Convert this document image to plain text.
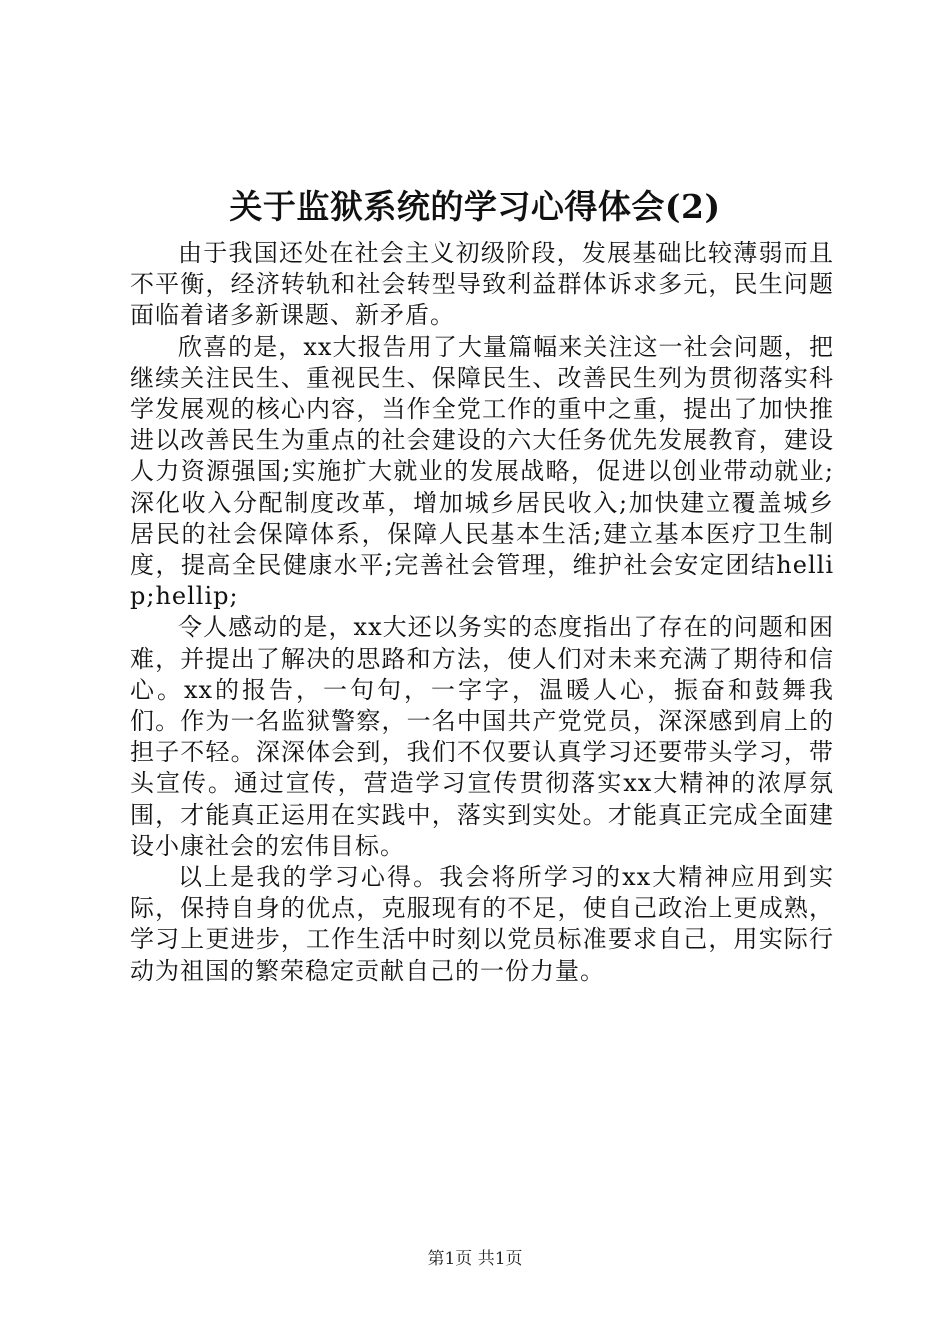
关于监狱系统的学习心得体会(2)

由于我国还处在社会主义初级阶段，发展基础比较薄弱而且不平衡，经济转轨和社会转型导致利益群体诉求多元，民生问题面临着诸多新课题、新矛盾。

欣喜的是，xx大报告用了大量篇幅来关注这一社会问题，把继续关注民生、重视民生、保障民生、改善民生列为贯彻落实科学发展观的核心内容，当作全党工作的重中之重，提出了加快推进以改善民生为重点的社会建设的六大任务优先发展教育，建设人力资源强国;实施扩大就业的发展战略，促进以创业带动就业;深化收入分配制度改革，增加城乡居民收入;加快建立覆盖城乡居民的社会保障体系，保障人民基本生活;建立基本医疗卫生制度，提高全民健康水平;完善社会管理，维护社会安定团结hellip;hellip;

令人感动的是，xx大还以务实的态度指出了存在的问题和困难，并提出了解决的思路和方法，使人们对未来充满了期待和信心。xx的报告，一句句，一字字，温暖人心，振奋和鼓舞我们。作为一名监狱警察，一名中国共产党党员，深深感到肩上的担子不轻。深深体会到，我们不仅要认真学习还要带头学习，带头宣传。通过宣传，营造学习宣传贯彻落实xx大精神的浓厚氛围，才能真正运用在实践中，落实到实处。才能真正完成全面建设小康社会的宏伟目标。

以上是我的学习心得。我会将所学习的xx大精神应用到实际，保持自身的优点，克服现有的不足，使自己政治上更成熟，学习上更进步，工作生活中时刻以党员标准要求自己，用实际行动为祖国的繁荣稳定贡献自己的一份力量。

第1页 共1页
